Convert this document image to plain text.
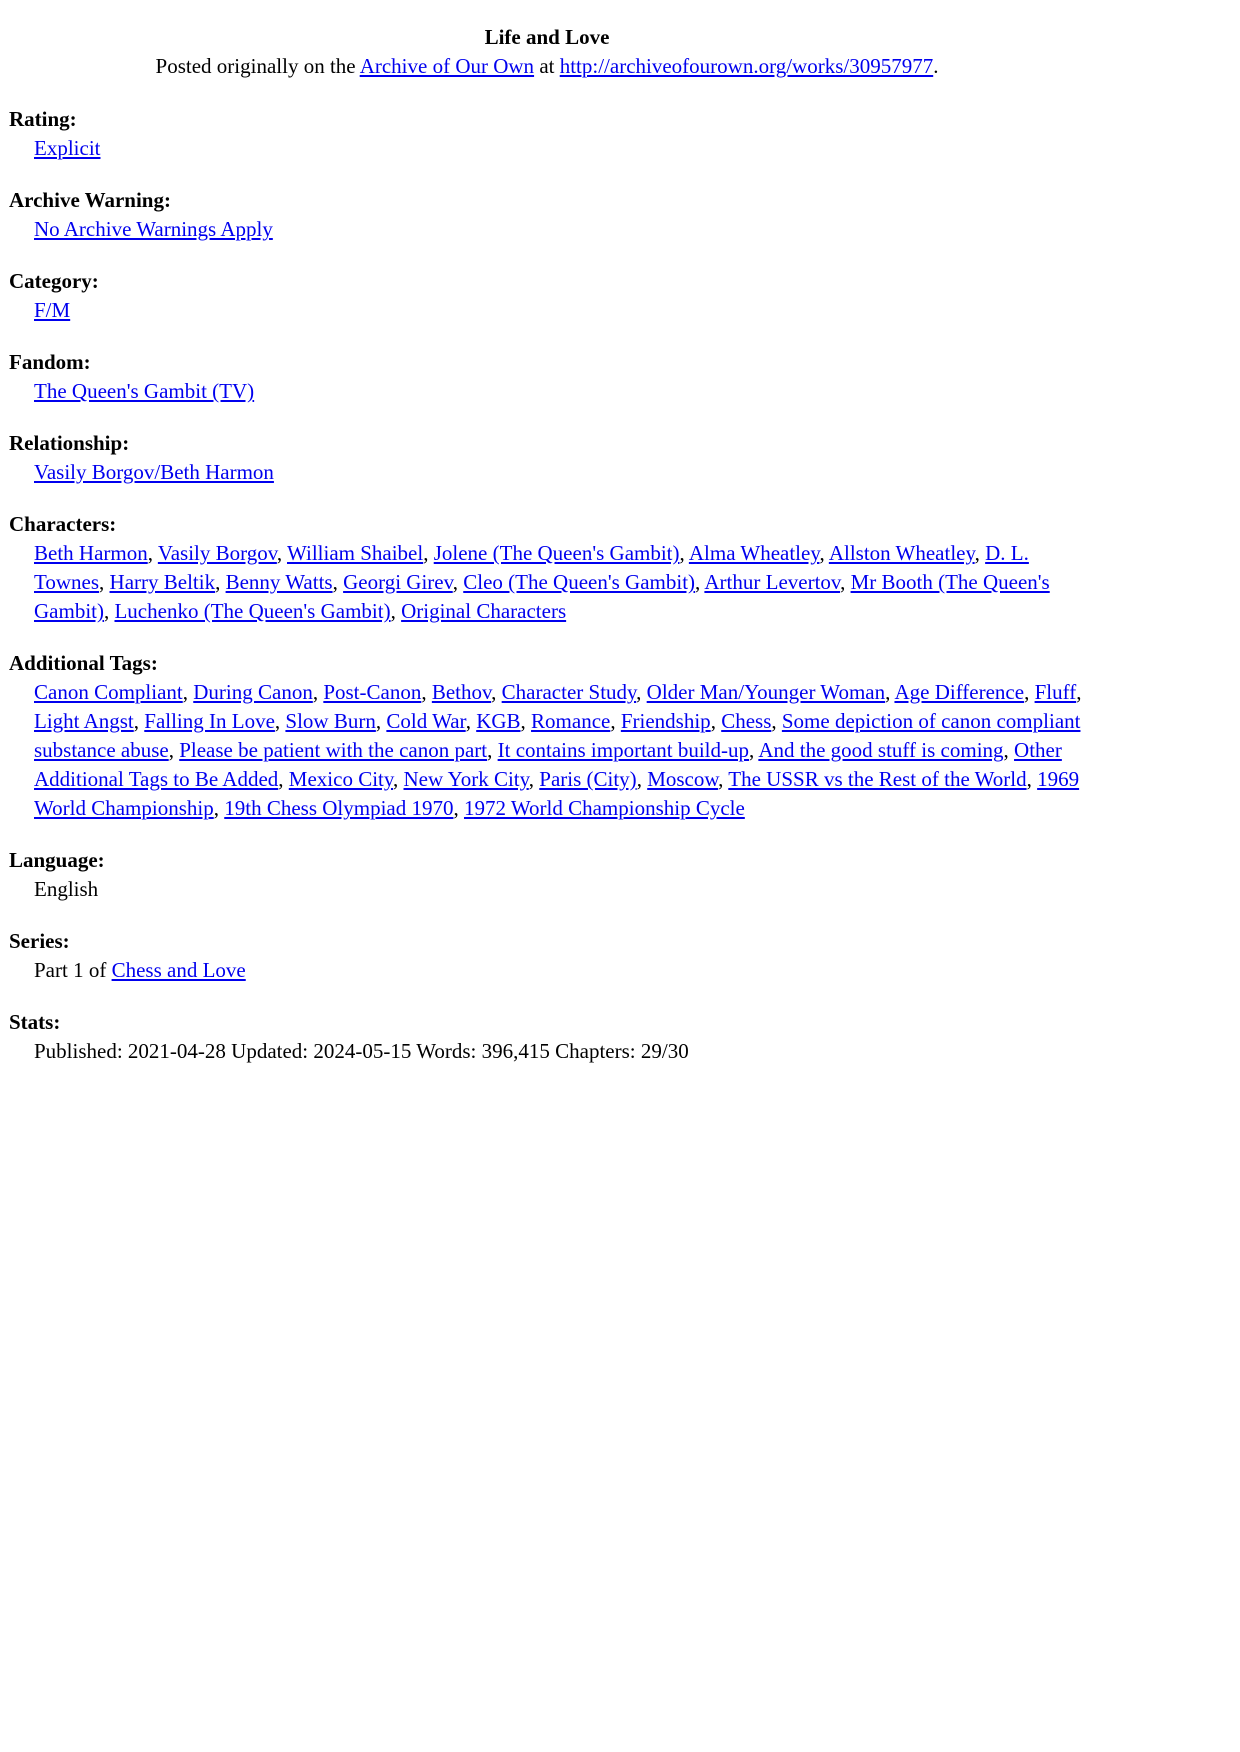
Life and Love
Posted originally on the Archive of Our Own at http://archiveofourown.org/works/30957977.

Rating:
Explicit
Archive Warning:
No Archive Warnings Apply
Category:
F/M
Fandom:
The Queen's Gambit (TV)
Relationship:
Vasily Borgov/Beth Harmon
Characters:
Beth Harmon, Vasily Borgov, William Shaibel, Jolene (The Queen's Gambit), Alma Wheatley, Allston Wheatley, D. L. Townes, Harry Beltik, Benny Watts, Georgi Girev, Cleo (The Queen's Gambit), Arthur Levertov, Mr Booth (The Queen's Gambit), Luchenko (The Queen's Gambit), Original Characters
Additional Tags:
Canon Compliant, During Canon, Post-Canon, Bethov, Character Study, Older Man/Younger Woman, Age Difference, Fluff, Light Angst, Falling In Love, Slow Burn, Cold War, KGB, Romance, Friendship, Chess, Some depiction of canon compliant substance abuse, Please be patient with the canon part, It contains important build-up, And the good stuff is coming, Other Additional Tags to Be Added, Mexico City, New York City, Paris (City), Moscow, The USSR vs the Rest of the World, 1969 World Championship, 19th Chess Olympiad 1970, 1972 World Championship Cycle
Language:
English
Series:
Part 1 of Chess and Love
Stats:
Published: 2021-04-28 Updated: 2024-05-15 Words: 396,415 Chapters: 29/30
